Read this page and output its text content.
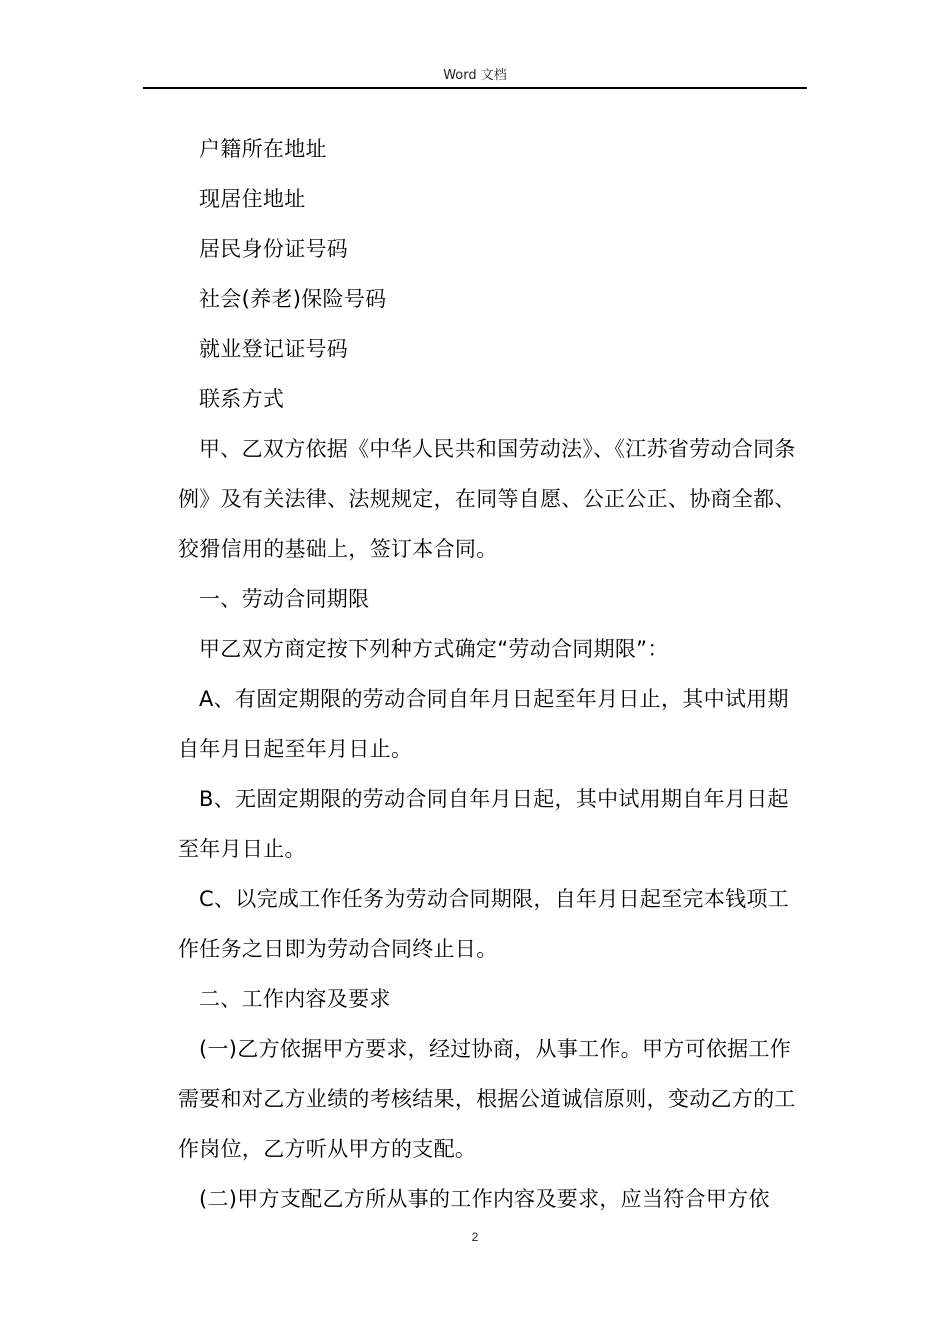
Word 文档

户籍所在地址

现居住地址

居民身份证号码

社会(养老)保险号码

就业登记证号码

联系方式

甲、乙双方依据《中华人民共和国劳动法》、《江苏省劳动合同条例》及有关法律、法规规定，在同等自愿、公正公正、协商全都、狡猾信用的基础上，签订本合同。

一、劳动合同期限

甲乙双方商定按下列种方式确定“劳动合同期限”：

A、有固定期限的劳动合同自年月日起至年月日止，其中试用期自年月日起至年月日止。

B、无固定期限的劳动合同自年月日起，其中试用期自年月日起至年月日止。

C、以完成工作任务为劳动合同期限，自年月日起至完本钱项工作任务之日即为劳动合同终止日。

二、工作内容及要求

(一)乙方依据甲方要求，经过协商，从事工作。甲方可依据工作需要和对乙方业绩的考核结果，根据公道诚信原则，变动乙方的工作岗位，乙方听从甲方的支配。

(二)甲方支配乙方所从事的工作内容及要求，应当符合甲方依

2
